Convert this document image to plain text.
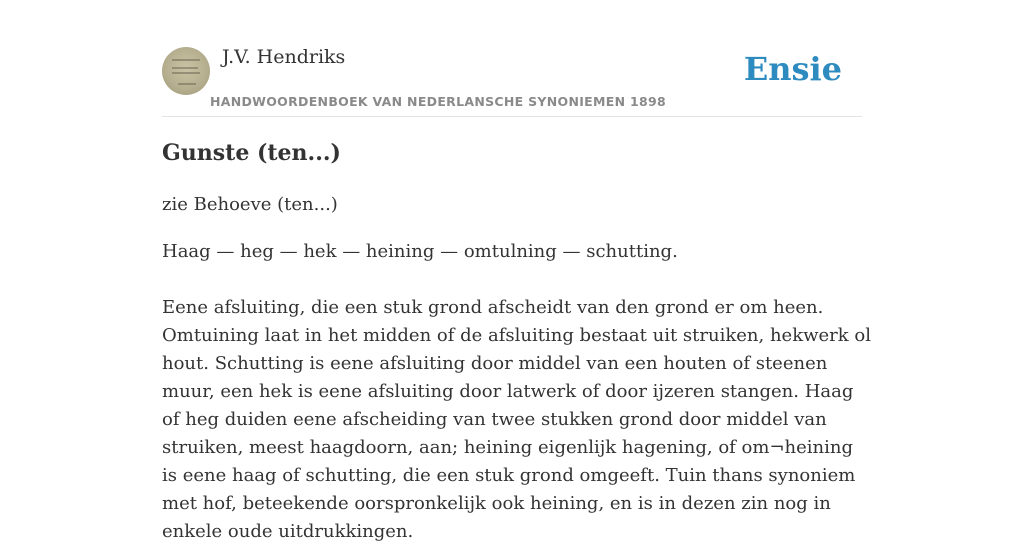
J.V. Hendriks
HANDWOORDENBOEK VAN NEDERLANSCHE SYNONIEMEN 1898
Ensie
Gunste (ten...)
zie Behoeve (ten...)
Haag — heg — hek — heining — omtulning — schutting.

Eene afsluiting, die een stuk grond afscheidt van den grond er om heen. Omtuining laat in het midden of de afsluiting bestaat uit struiken, hekwerk ol hout. Schutting is eene afsluiting door middel van een houten of steenen muur, een hek is eene afsluiting door latwerk of door ijzeren stangen. Haag of heg duiden eene afscheiding van twee stukken grond door middel van struiken, meest haagdoorn, aan; heining eigenlijk hagening, of om¬heining is eene haag of schutting, die een stuk grond omgeeft. Tuin thans synoniem met hof, beteekende oorspronkelijk ook heining, en is in dezen zin nog in enkele oude uitdrukkingen.
